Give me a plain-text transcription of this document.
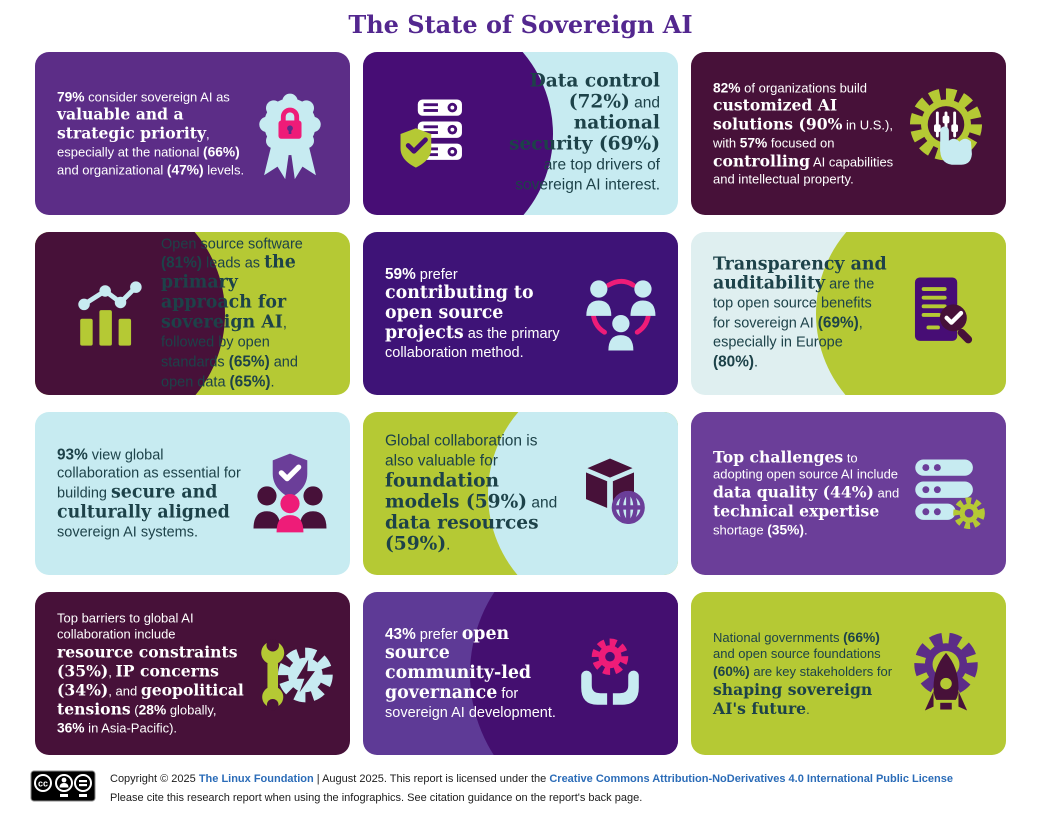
The State of Sovereign AI
79% consider sovereign AI as valuable and a strategic priority, especially at the national (66%) and organizational (47%) levels.
Data control (72%) and national security (69%) are top drivers of sovereign AI interest.
82% of organizations build customized AI solutions (90% in U.S.), with 57% focused on controlling AI capabilities and intellectual property.
Open source software (81%) leads as the primary approach for sovereign AI, followed by open standards (65%) and open data (65%).
59% prefer contributing to open source projects as the primary collaboration method.
Transparency and auditability are the top open source benefits for sovereign AI (69%), especially in Europe (80%).
93% view global collaboration as essential for building secure and culturally aligned sovereign AI systems.
Global collaboration is also valuable for foundation models (59%) and data resources (59%).
Top challenges to adopting open source AI include data quality (44%) and technical expertise shortage (35%).
Top barriers to global AI collaboration include resource constraints (35%), IP concerns (34%), and geopolitical tensions (28% globally, 36% in Asia-Pacific).
43% prefer open source community-led governance for sovereign AI development.
National governments (66%) and open source foundations (60%) are key stakeholders for shaping sovereign AI's future.
cc	Copyright © 2025 The Linux Foundation | August 2025. This report is licensed under the Creative Commons Attribution-NoDerivatives 4.0 International Public License
Please cite this research report when using the infographics. See citation guidance on the report's back page.
